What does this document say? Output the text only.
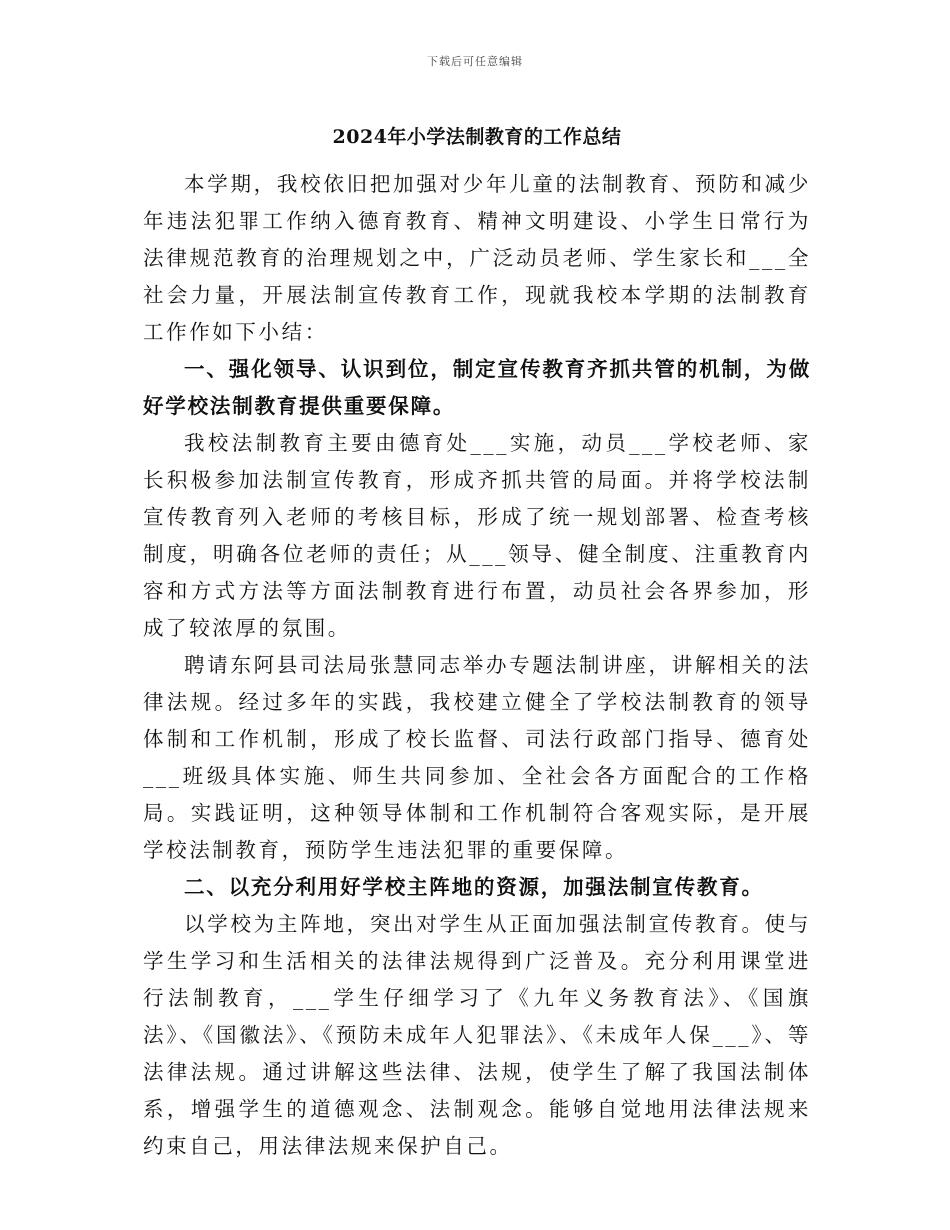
下载后可任意编辑
2024年小学法制教育的工作总结

本学期，我校依旧把加强对少年儿童的法制教育、预防和减少年违法犯罪工作纳入德育教育、精神文明建设、小学生日常行为法律规范教育的治理规划之中，广泛动员老师、学生家长和___全社会力量，开展法制宣传教育工作，现就我校本学期的法制教育工作作如下小结：

一、强化领导、认识到位，制定宣传教育齐抓共管的机制，为做好学校法制教育提供重要保障。

我校法制教育主要由德育处___实施，动员___学校老师、家长积极参加法制宣传教育，形成齐抓共管的局面。并将学校法制宣传教育列入老师的考核目标，形成了统一规划部署、检查考核制度，明确各位老师的责任；从___领导、健全制度、注重教育内容和方式方法等方面法制教育进行布置，动员社会各界参加，形成了较浓厚的氛围。

聘请东阿县司法局张慧同志举办专题法制讲座，讲解相关的法律法规。经过多年的实践，我校建立健全了学校法制教育的领导体制和工作机制，形成了校长监督、司法行政部门指导、德育处___班级具体实施、师生共同参加、全社会各方面配合的工作格局。实践证明，这种领导体制和工作机制符合客观实际，是开展学校法制教育，预防学生违法犯罪的重要保障。

二、以充分利用好学校主阵地的资源，加强法制宣传教育。

以学校为主阵地，突出对学生从正面加强法制宣传教育。使与学生学习和生活相关的法律法规得到广泛普及。充分利用课堂进行法制教育，___学生仔细学习了《九年义务教育法》、《国旗法》、《国徽法》、《预防未成年人犯罪法》、《未成年人保___》、等法律法规。通过讲解这些法律、法规，使学生了解了我国法制体系，增强学生的道德观念、法制观念。能够自觉地用法律法规来约束自己，用法律法规来保护自己。
